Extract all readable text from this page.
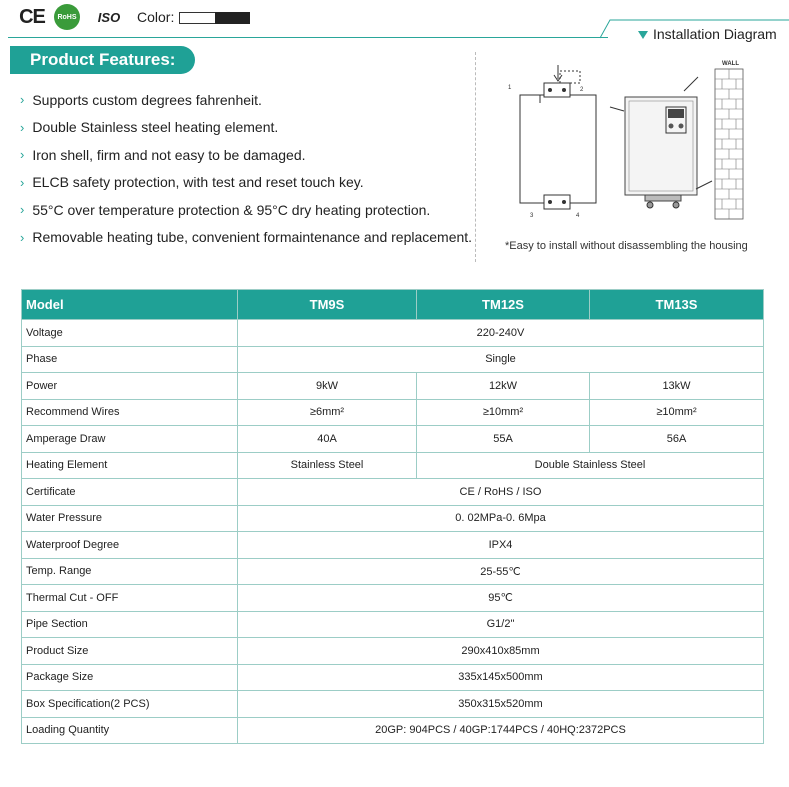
CE	RoHS	ISO	Color:
Installation Diagram
Product Features:
› Supports custom degrees fahrenheit.
› Double Stainless steel heating element.
› Iron shell, firm and not easy to be damaged.
› ELCB safety protection, with test and reset touch key.
› 55°C over temperature protection & 95°C dry heating protection.
› Removable heating tube, convenient formaintenance and replacement.
1	2
3	4
WALL
*Easy to install without disassembling the housing
Model	TM9S	TM12S	TM13S
Voltage	220-240V		
Phase	Single		
Power	9kW	12kW	13kW
Recommend Wires	≥6mm²	≥10mm²	≥10mm²
Amperage Draw	40A	55A	56A
Heating Element	Stainless Steel	Double Stainless Steel	
Certificate	CE / RoHS / ISO		
Water Pressure	0. 02MPa-0. 6Mpa		
Waterproof Degree	IPX4		
Temp. Range	25-55℃		
Thermal Cut - OFF	95℃		
Pipe Section	G1/2"		
Product Size	290x410x85mm		
Package Size	335x145x500mm		
Box Specification(2 PCS)	350x315x520mm		
Loading Quantity	20GP: 904PCS / 40GP:1744PCS / 40HQ:2372PCS		
